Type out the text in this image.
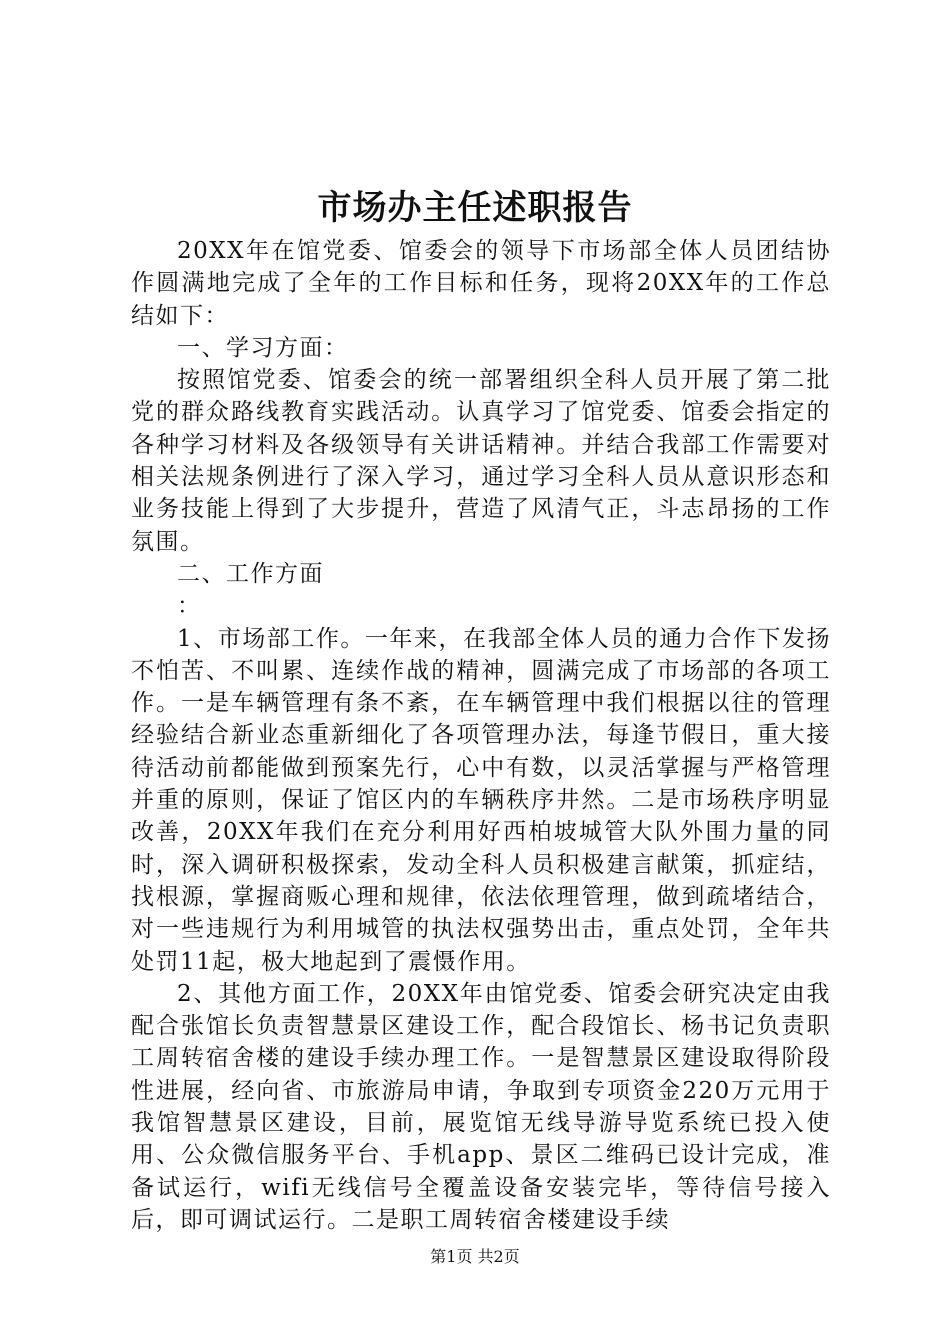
市场办主任述职报告

20XX年在馆党委、馆委会的领导下市场部全体人员团结协作圆满地完成了全年的工作目标和任务，现将20XX年的工作总结如下：

一、学习方面：

按照馆党委、馆委会的统一部署组织全科人员开展了第二批党的群众路线教育实践活动。认真学习了馆党委、馆委会指定的各种学习材料及各级领导有关讲话精神。并结合我部工作需要对相关法规条例进行了深入学习，通过学习全科人员从意识形态和业务技能上得到了大步提升，营造了风清气正，斗志昂扬的工作氛围。

二、工作方面

：

1、市场部工作。一年来，在我部全体人员的通力合作下发扬不怕苦、不叫累、连续作战的精神，圆满完成了市场部的各项工作。一是车辆管理有条不紊，在车辆管理中我们根据以往的管理经验结合新业态重新细化了各项管理办法，每逢节假日，重大接待活动前都能做到预案先行，心中有数，以灵活掌握与严格管理并重的原则，保证了馆区内的车辆秩序井然。二是市场秩序明显改善，20XX年我们在充分利用好西柏坡城管大队外围力量的同时，深入调研积极探索，发动全科人员积极建言献策，抓症结，找根源，掌握商贩心理和规律，依法依理管理，做到疏堵结合，对一些违规行为利用城管的执法权强势出击，重点处罚，全年共处罚11起，极大地起到了震慑作用。

2、其他方面工作，20XX年由馆党委、馆委会研究决定由我配合张馆长负责智慧景区建设工作，配合段馆长、杨书记负责职工周转宿舍楼的建设手续办理工作。一是智慧景区建设取得阶段性进展，经向省、市旅游局申请，争取到专项资金220万元用于我馆智慧景区建设，目前，展览馆无线导游导览系统已投入使用、公众微信服务平台、手机app、景区二维码已设计完成，准备试运行，wifi无线信号全覆盖设备安装完毕，等待信号接入后，即可调试运行。二是职工周转宿舍楼建设手续

第1页 共2页
